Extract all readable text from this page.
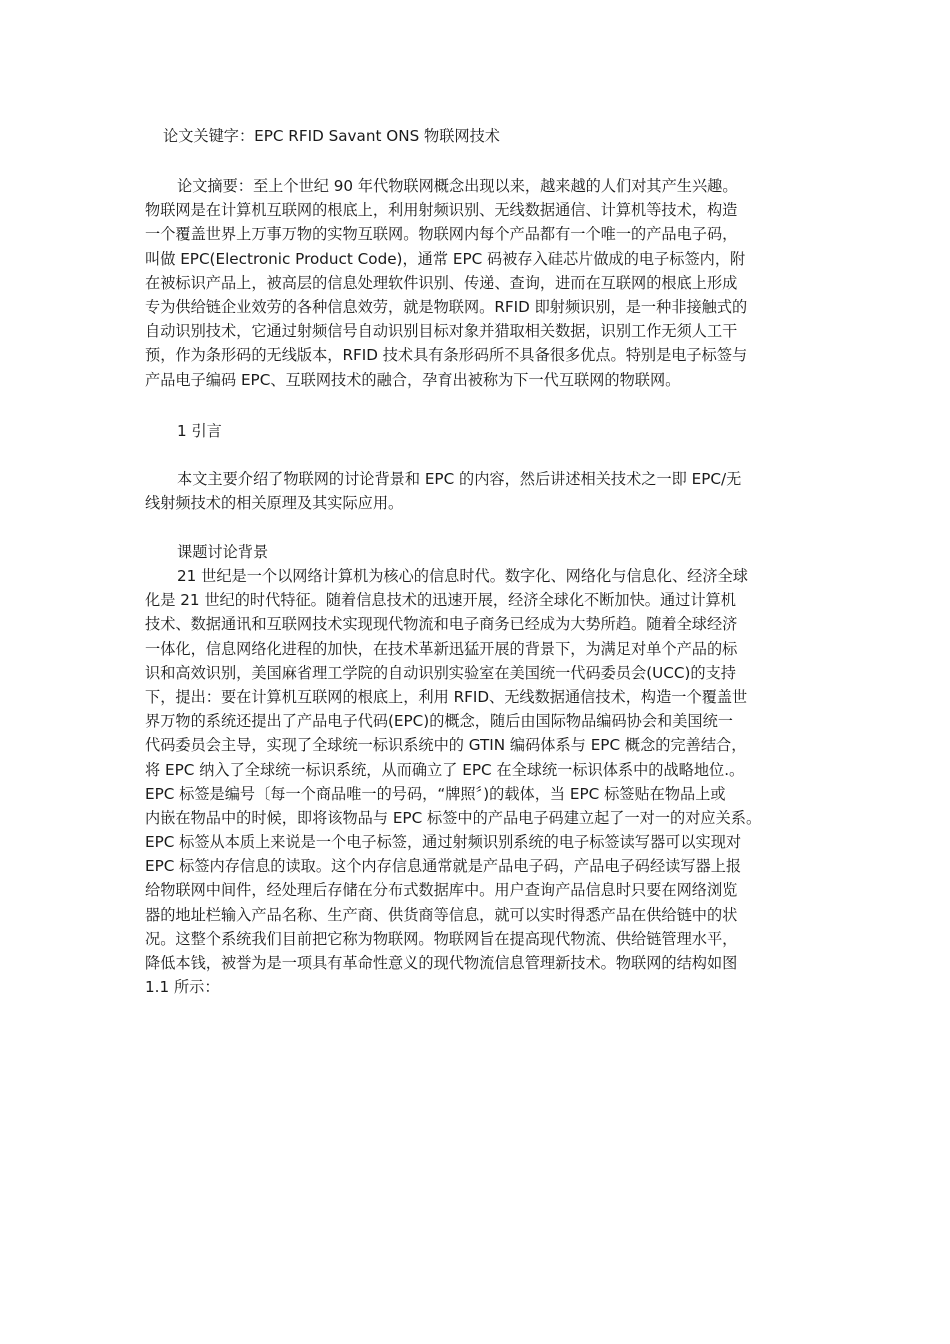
论文关键字：EPC RFID Savant ONS 物联网技术
论文摘要：至上个世纪 90 年代物联网概念出现以来，越来越的人们对其产生兴趣。
物联网是在计算机互联网的根底上，利用射频识别、无线数据通信、计算机等技术，构造
一个覆盖世界上万事万物的实物互联网。物联网内每个产品都有一个唯一的产品电子码，
叫做 EPC(Electronic Product Code)，通常 EPC 码被存入硅芯片做成的电子标签内，附
在被标识产品上，被高层的信息处理软件识别、传递、查询，进而在互联网的根底上形成
专为供给链企业效劳的各种信息效劳，就是物联网。RFID 即射频识别，是一种非接触式的
自动识别技术，它通过射频信号自动识别目标对象并猎取相关数据，识别工作无须人工干
预，作为条形码的无线版本，RFID 技术具有条形码所不具备很多优点。特别是电子标签与
产品电子编码 EPC、互联网技术的融合，孕育出被称为下一代互联网的物联网。
1 引言
本文主要介绍了物联网的讨论背景和 EPC 的内容，然后讲述相关技术之一即 EPC/无
线射频技术的相关原理及其实际应用。
课题讨论背景
21 世纪是一个以网络计算机为核心的信息时代。数字化、网络化与信息化、经济全球
化是 21 世纪的时代特征。随着信息技术的迅速开展，经济全球化不断加快。通过计算机
技术、数据通讯和互联网技术实现现代物流和电子商务已经成为大势所趋。随着全球经济
一体化，信息网络化进程的加快，在技术革新迅猛开展的背景下，为满足对单个产品的标
识和高效识别，美国麻省理工学院的自动识别实验室在美国统一代码委员会(UCC)的支持
下，提出：要在计算机互联网的根底上，利用 RFID、无线数据通信技术，构造一个覆盖世
界万物的系统还提出了产品电子代码(EPC)的概念，随后由国际物品编码协会和美国统一
代码委员会主导，实现了全球统一标识系统中的 GTIN 编码体系与 EPC 概念的完善结合，
将 EPC 纳入了全球统一标识系统，从而确立了 EPC 在全球统一标识体系中的战略地位.。
EPC 标签是编号〔每一个商品唯一的号码，“牌照〞)的载体，当 EPC 标签贴在物品上或
内嵌在物品中的时候，即将该物品与 EPC 标签中的产品电子码建立起了一对一的对应关系。
EPC 标签从本质上来说是一个电子标签，通过射频识别系统的电子标签读写器可以实现对
EPC 标签内存信息的读取。这个内存信息通常就是产品电子码，产品电子码经读写器上报
给物联网中间件，经处理后存储在分布式数据库中。用户查询产品信息时只要在网络浏览
器的地址栏输入产品名称、生产商、供货商等信息，就可以实时得悉产品在供给链中的状
况。这整个系统我们目前把它称为物联网。物联网旨在提高现代物流、供给链管理水平，
降低本钱，被誉为是一项具有革命性意义的现代物流信息管理新技术。物联网的结构如图
1.1 所示：
